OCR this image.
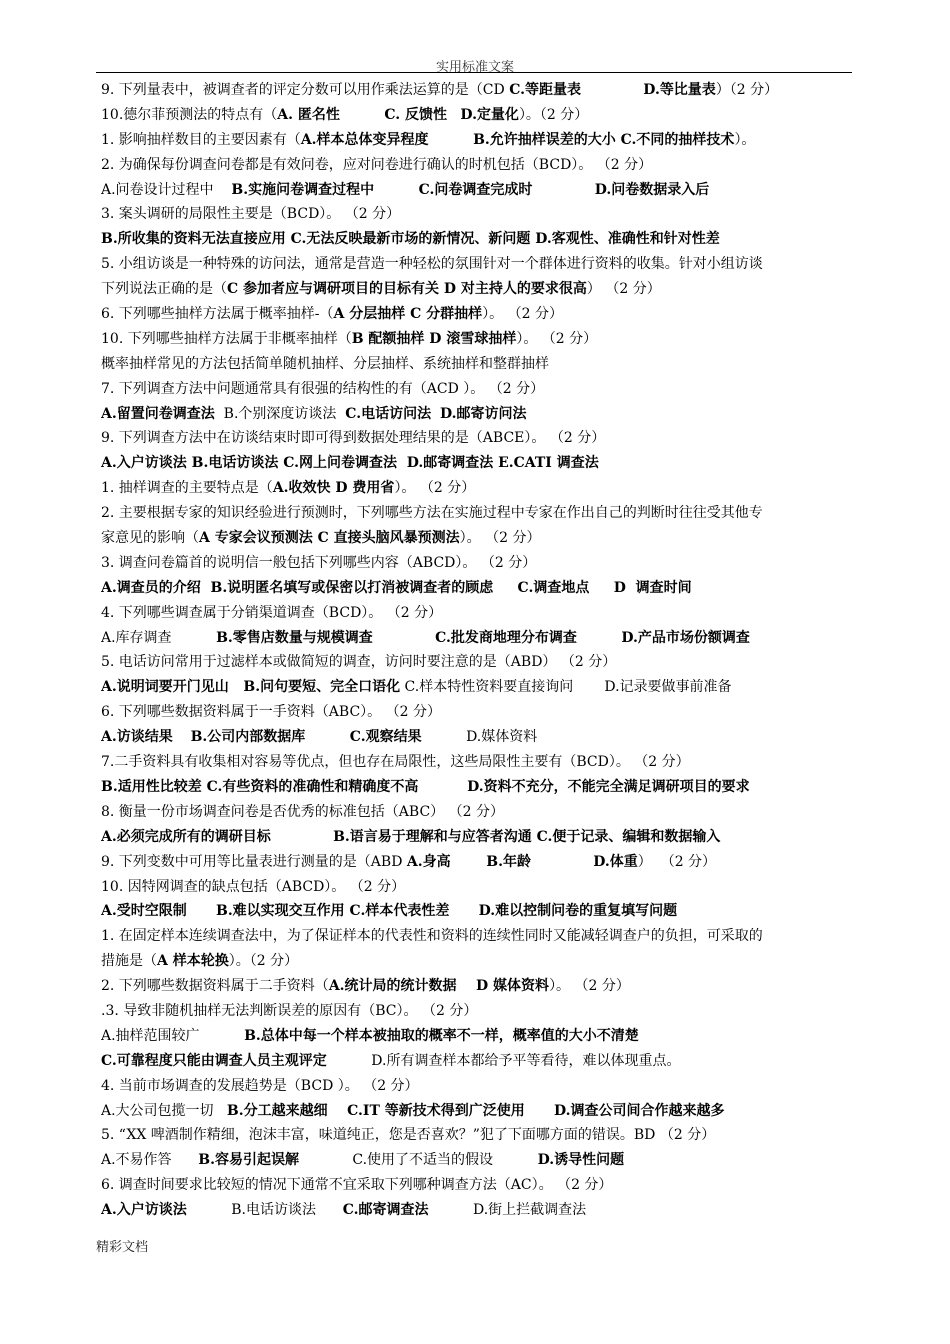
实用标准文案
9. 下列量表中，被调查者的评定分数可以用作乘法运算的是（CD C.等距量表	D.等比量表）（2 分）
10.德尔菲预测法的特点有（A. 匿名性	C. 反馈性 D.定量化）。（2 分）
1. 影响抽样数目的主要因素有（A.样本总体变异程度	B.允许抽样误差的大小 C.不同的抽样技术）。
2. 为确保每份调查问卷都是有效问卷，应对问卷进行确认的时机包括（BCD）。 （2 分）
A.问卷设计过程中    B.实施问卷调查过程中	C.问卷调查完成时	D.问卷数据录入后
3. 案头调研的局限性主要是（BCD）。 （2 分）
B.所收集的资料无法直接应用 C.无法反映最新市场的新情况、新问题 D.客观性、准确性和针对性差
5. 小组访谈是一种特殊的访问法，通常是营造一种轻松的氛围针对一个群体进行资料的收集。针对小组访谈
下列说法正确的是（C 参加者应与调研项目的目标有关 D 对主持人的要求很高） （2 分）
6. 下列哪些抽样方法属于概率抽样-（A 分层抽样 C 分群抽样）。 （2 分）
10. 下列哪些抽样方法属于非概率抽样（B 配额抽样 D 滚雪球抽样）。 （2 分）
概率抽样常见的方法包括简单随机抽样、分层抽样、系统抽样和整群抽样
7. 下列调查方法中问题通常具有很强的结构性的有（ACD ）。 （2 分）
A.留置问卷调查法  B.个别深度访谈法  C.电话访问法 D.邮寄访问法
9. 下列调查方法中在访谈结束时即可得到数据处理结果的是（ABCE）。 （2 分）
A.入户访谈法 B.电话访谈法 C.网上问卷调查法  D.邮寄调查法 E.CATI 调查法
1. 抽样调查的主要特点是（A.收效快 D 费用省）。 （2 分）
2. 主要根据专家的知识经验进行预测时，下列哪些方法在实施过程中专家在作出自己的判断时往往受其他专
家意见的影响（A 专家会议预测法 C 直接头脑风暴预测法）。 （2 分）
3. 调查问卷篇首的说明信一般包括下列哪些内容（ABCD）。 （2 分）
A.调查员的介绍  B.说明匿名填写或保密以打消被调查者的顾虑     C.调查地点     D  调查时间
4. 下列哪些调查属于分销渠道调查（BCD）。 （2 分）
A.库存调查          B.零售店数量与规模调查	C.批发商地理分布调查	D.产品市场份额调查
5. 电话访问常用于过滤样本或做简短的调查，访问时要注意的是（ABD） （2 分）
A.说明词要开门见山   B.问句要短、完全口语化 C.样本特性资料要直接询问       D.记录要做事前准备
6. 下列哪些数据资料属于一手资料（ABC）。 （2 分）
A.访谈结果 B.公司内部数据库	C.观察结果          D.媒体资料
7.二手资料具有收集相对容易等优点，但也存在局限性，这些局限性主要有（BCD）。 （2 分）
B.适用性比较差 C.有些资料的准确性和精确度不高          D.资料不充分，不能完全满足调研项目的要求
8. 衡量一份市场调查问卷是否优秀的标准包括（ABC） （2 分）
A.必须完成所有的调研目标	B.语言易于理解和与应答者沟通 C.便于记录、编辑和数据输入
9. 下列变数中可用等比量表进行测量的是（ABD A.身高	B.年龄	D.体重）  （2 分）
10. 因特网调查的缺点包括（ABCD）。 （2 分）
A.受时空限制      B.难以实现交互作用 C.样本代表性差      D.难以控制问卷的重复填写问题
1. 在固定样本连续调查法中，为了保证样本的代表性和资料的连续性同时又能减轻调查户的负担，可采取的
措施是（A 样本轮换）。（2 分）
2. 下列哪些数据资料属于二手资料（A.统计局的统计数据    D 媒体资料）。 （2 分）
.3. 导致非随机抽样无法判断误差的原因有（BC）。 （2 分）
A.抽样范围较广          B.总体中每一个样本被抽取的概率不一样，概率值的大小不清楚
C.可靠程度只能由调查人员主观评定          D.所有调查样本都给予平等看待，难以体现重点。
4. 当前市场调查的发展趋势是（BCD ）。 （2 分）
A.大公司包揽一切   B.分工越来越细    C.IT 等新技术得到广泛使用      D.调查公司间合作越来越多
5. “XX 啤酒制作精细，泡沫丰富，味道纯正，您是否喜欢？”犯了下面哪方面的错误。BD （2 分）
A.不易作答      B.容易引起误解            C.使用了不适当的假设          D.诱导性问题
6. 调查时间要求比较短的情况下通常不宜采取下列哪种调查方法（AC）。 （2 分）
A.入户访谈法          B.电话访谈法      C.邮寄调查法          D.街上拦截调查法
精彩文档
